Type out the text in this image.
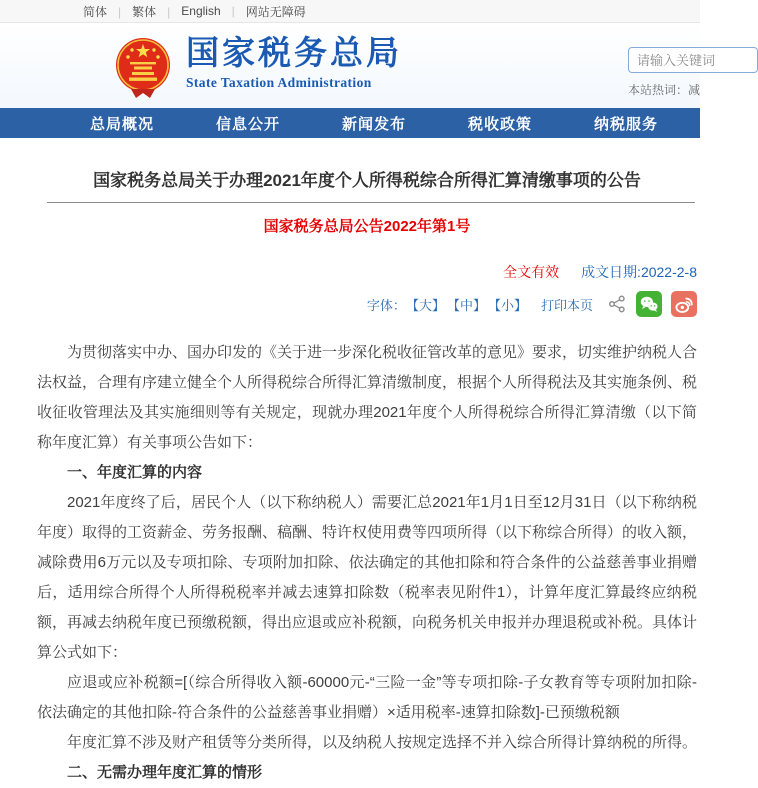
简体 |	繁体 |	English |	网站无障碍
国家税务总局
State Taxation Administration
请输入关键词	本站热词：减
总局概况	信息公开	新闻发布	税收政策	纳税服务
国家税务总局关于办理2021年度个人所得税综合所得汇算清缴事项的公告
国家税务总局公告2022年第1号
全文有效 成文日期:2022-2-8
字体： 【大】 【中】 【小】 打印本页

为贯彻落实中办、国办印发的《关于进一步深化税收征管改革的意见》要求，切实维护纳税人合法权益，合理有序建立健全个人所得税综合所得汇算清缴制度，根据个人所得税法及其实施条例、税收征收管理法及其实施细则等有关规定，现就办理2021年度个人所得税综合所得汇算清缴（以下简称年度汇算）有关事项公告如下：

一、年度汇算的内容

2021年度终了后，居民个人（以下称纳税人）需要汇总2021年1月1日至12月31日（以下称纳税年度）取得的工资薪金、劳务报酬、稿酬、特许权使用费等四项所得（以下称综合所得）的收入额，减除费用6万元以及专项扣除、专项附加扣除、依法确定的其他扣除和符合条件的公益慈善事业捐赠后，适用综合所得个人所得税税率并减去速算扣除数（税率表见附件1），计算年度汇算最终应纳税额，再减去纳税年度已预缴税额，得出应退或应补税额，向税务机关申报并办理退税或补税。具体计算公式如下：

应退或应补税额=[（综合所得收入额-60000元-“三险一金”等专项扣除-子女教育等专项附加扣除-依法确定的其他扣除-符合条件的公益慈善事业捐赠）×适用税率-速算扣除数]-已预缴税额

年度汇算不涉及财产租赁等分类所得，以及纳税人按规定选择不并入综合所得计算纳税的所得。

二、无需办理年度汇算的情形
